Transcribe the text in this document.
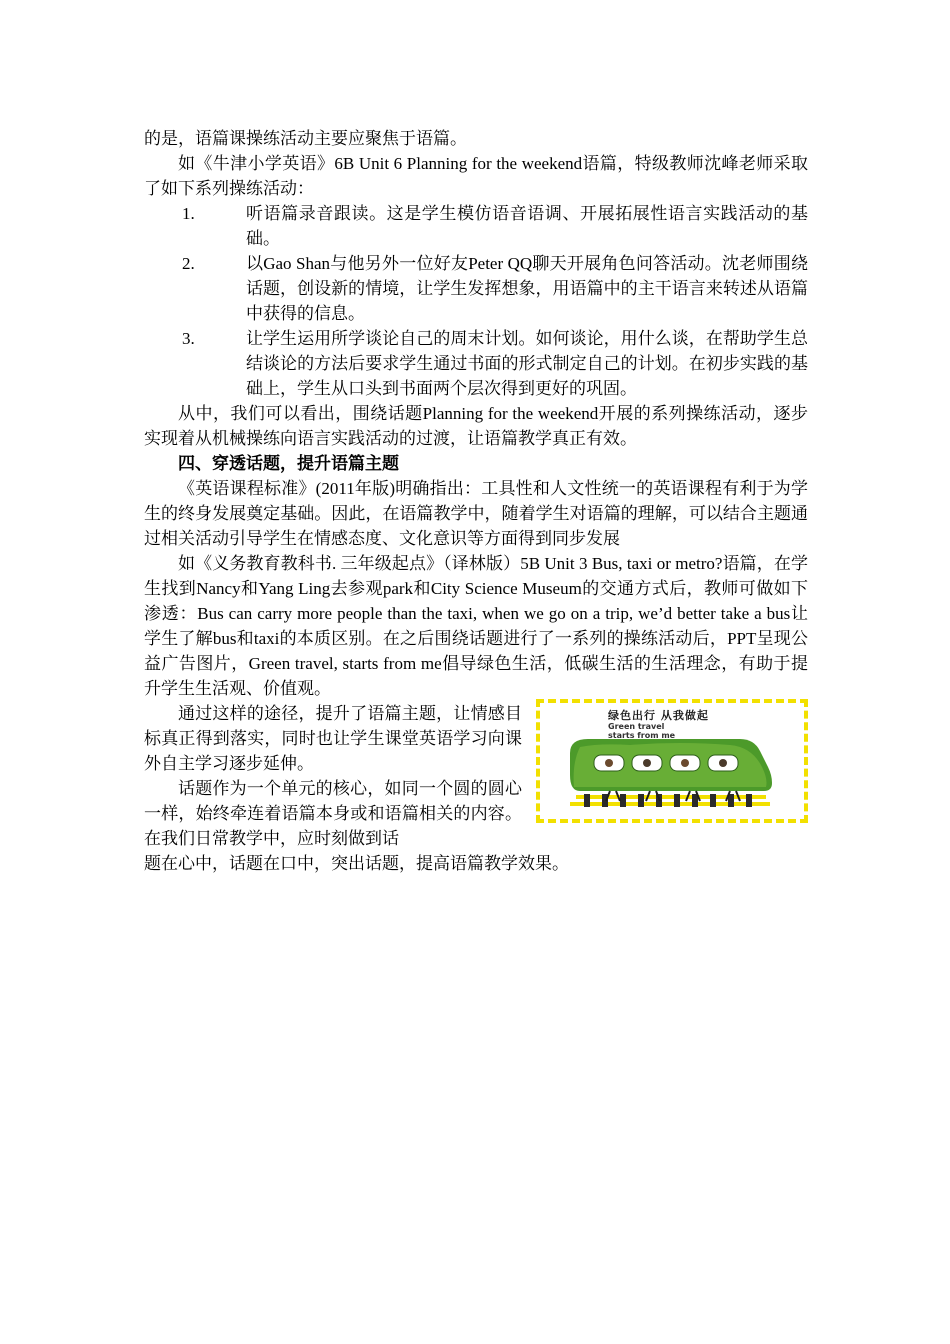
的是，语篇课操练活动主要应聚焦于语篇。

如《牛津小学英语》6B Unit 6 Planning for the weekend语篇，特级教师沈峰老师采取了如下系列操练活动：

1.	听语篇录音跟读。这是学生模仿语音语调、开展拓展性语言实践活动的基础。
2.	以Gao Shan与他另外一位好友Peter QQ聊天开展角色问答活动。沈老师围绕话题，创设新的情境，让学生发挥想象，用语篇中的主干语言来转述从语篇中获得的信息。
3.	让学生运用所学谈论自己的周末计划。如何谈论，用什么谈，在帮助学生总结谈论的方法后要求学生通过书面的形式制定自己的计划。在初步实践的基础上，学生从口头到书面两个层次得到更好的巩固。

从中，我们可以看出，围绕话题Planning for the weekend开展的系列操练活动，逐步实现着从机械操练向语言实践活动的过渡，让语篇教学真正有效。

四、穿透话题，提升语篇主题

《英语课程标准》(2011年版)明确指出：工具性和人文性统一的英语课程有利于为学生的终身发展奠定基础。因此，在语篇教学中，随着学生对语篇的理解，可以结合主题通过相关活动引导学生在情感态度、文化意识等方面得到同步发展

如《义务教育教科书. 三年级起点》（译林版）5B Unit 3 Bus, taxi or metro?语篇，在学生找到Nancy和Yang Ling去参观park和City Science Museum的交通方式后，教师可做如下渗透：Bus can carry more people than the taxi, when we go on a trip, we’d better take a bus让学生了解bus和taxi的本质区别。在之后围绕话题进行了一系列的操练活动后，PPT呈现公益广告图片，Green travel, starts from me倡导绿色生活，低碳生活的生活理念，有助于提升学生生活观、价值观。

通过这样的途径，提升了语篇主题，让情感目标真正得到落实，同时也让学生课堂英语学习向课外自主学习逐步延伸。

话题作为一个单元的核心，如同一个圆的圆心一样，始终牵连着语篇本身或和语篇相关的内容。在我们日常教学中，应时刻做到话

题在心中，话题在口中，突出话题，提高语篇教学效果。

绿色出行 从我做起
Green travel
starts from me
